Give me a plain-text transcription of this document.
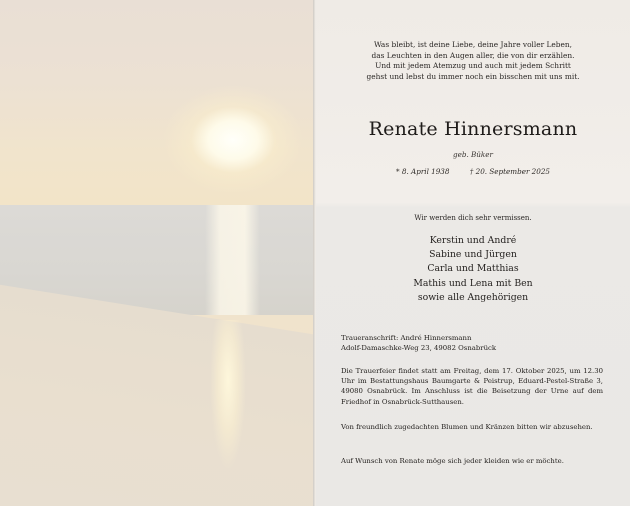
Was bleibt, ist deine Liebe, deine Jahre voller Leben,
das Leuchten in den Augen aller, die von dir erzählen.
Und mit jedem Atemzug und auch mit jedem Schritt
gehst und lebst du immer noch ein bisschen mit uns mit.
Renate Hinnersmann
geb. Büker
* 8. April 1938	† 20. September 2025
Wir werden dich sehr vermissen.
Kerstin und André
Sabine und Jürgen
Carla und Matthias
Mathis und Lena mit Ben
sowie alle Angehörigen
Traueranschrift: André Hinnersmann
Adolf-Damaschke-Weg 23, 49082 Osnabrück
Die Trauerfeier findet statt am Freitag, dem 17. Oktober 2025, um 12.30 Uhr im Bestattungshaus Baumgarte & Peistrup, Eduard-Pestel-Straße 3, 49080 Osnabrück. Im Anschluss ist die Beisetzung der Urne auf dem Friedhof in Osnabrück-Sutthausen.
Von freundlich zugedachten Blumen und Kränzen bitten wir abzusehen.
Auf Wunsch von Renate möge sich jeder kleiden wie er möchte.
